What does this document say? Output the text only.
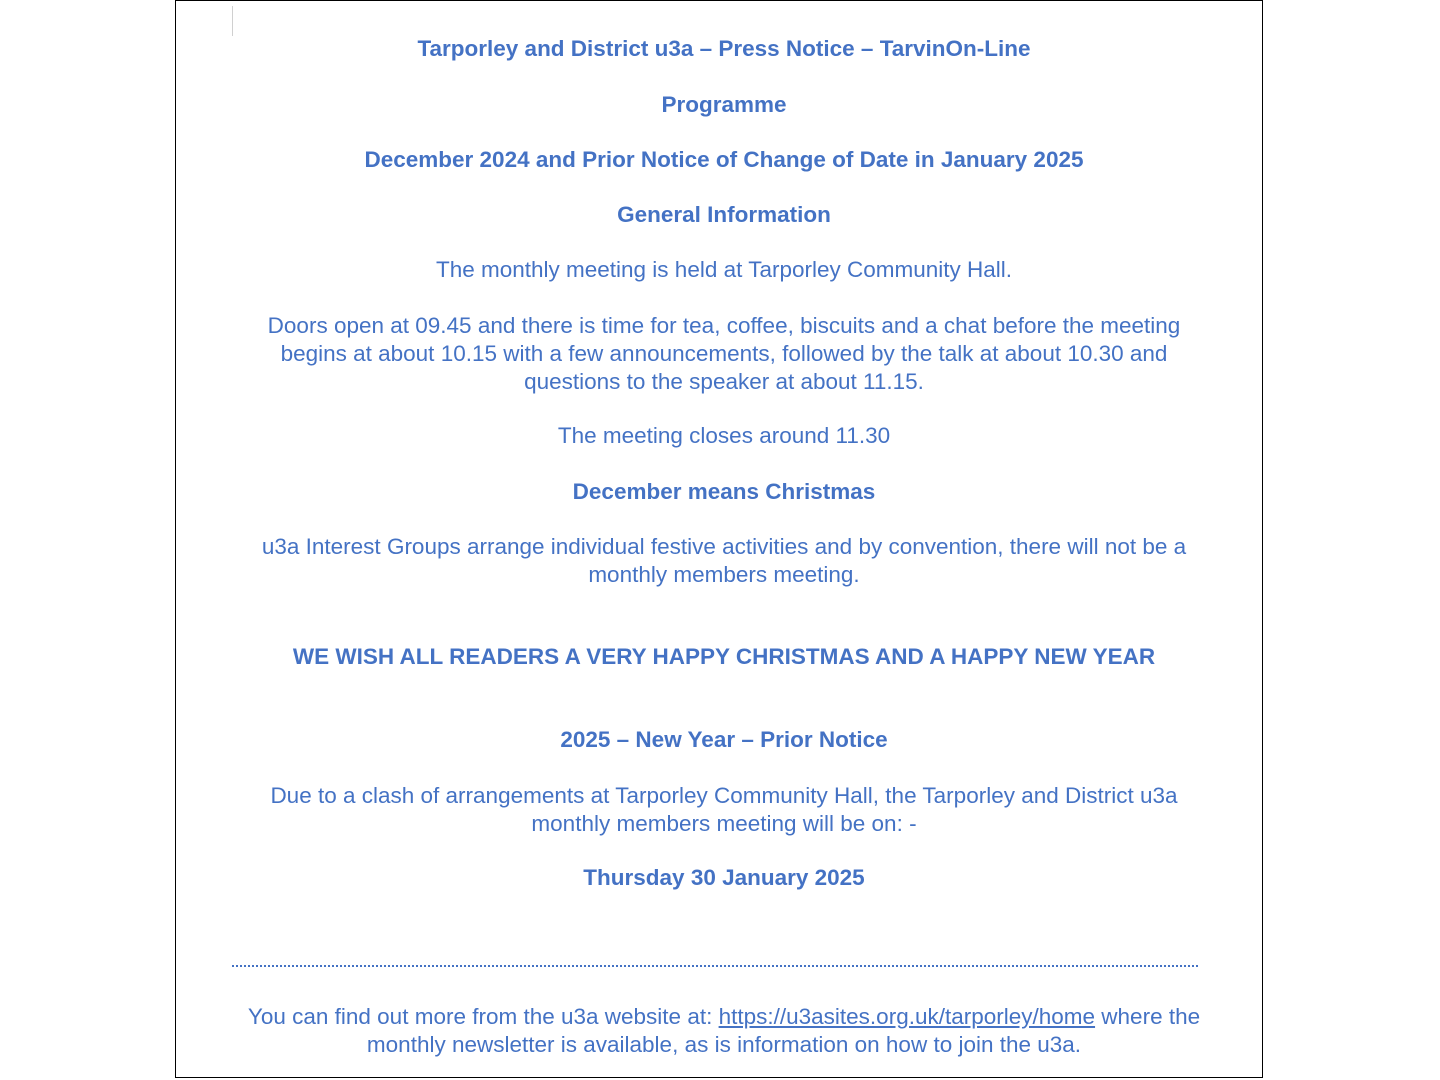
Tarporley and District u3a – Press Notice – TarvinOn-Line

Programme

December 2024 and Prior Notice of Change of Date in January 2025

General Information

The monthly meeting is held at Tarporley Community Hall.

Doors open at 09.45 and there is time for tea, coffee, biscuits and a chat before the meeting begins at about 10.15 with a few announcements, followed by the talk at about 10.30 and questions to the speaker at about 11.15.

The meeting closes around 11.30

December means Christmas

u3a Interest Groups arrange individual festive activities and by convention, there will not be a monthly members meeting.

WE WISH ALL READERS A VERY HAPPY CHRISTMAS AND A HAPPY NEW YEAR

2025 – New Year – Prior Notice

Due to a clash of arrangements at Tarporley Community Hall, the Tarporley and District u3a monthly members meeting will be on: -

Thursday 30 January 2025

You can find out more from the u3a website at: https://u3asites.org.uk/tarporley/home where the monthly newsletter is available, as is information on how to join the u3a.
